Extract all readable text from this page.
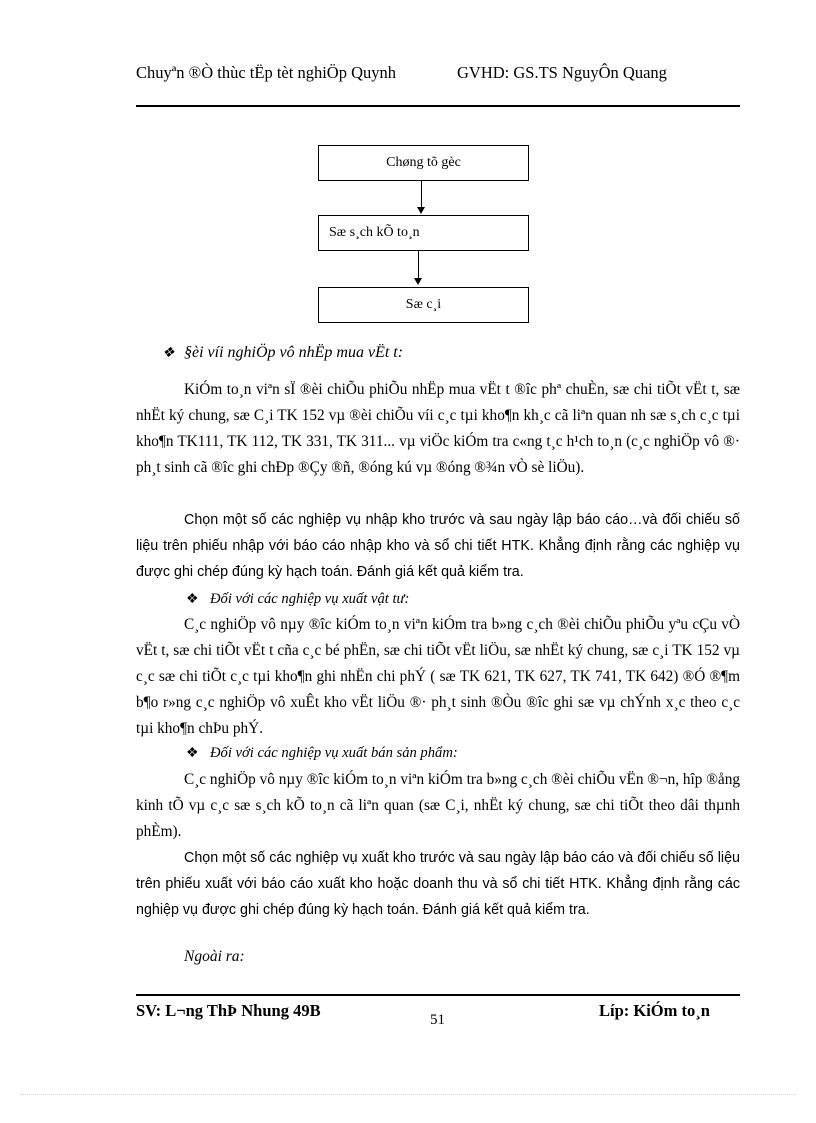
Chuyªn ®Ò thùc tËp tèt nghiÖp Quynh	GVHD: GS.TS NguyÔn Quang
Chøng tõ gèc
Sæ s¸ch kÕ to¸n
Sæ c¸i
❖ §èi víi nghiÖp vô nhËp mua vËt t:
KiÓm to¸n viªn sÏ ®èi chiÕu phiÕu nhËp mua vËt t ®îc phª chuÈn, sæ chi tiÕt vËt t, sæ nhËt ký chung, sæ C¸i TK 152 vµ ®èi chiÕu víi c¸c tµi kho¶n kh¸c cã liªn quan nh sæ s¸ch c¸c tµi kho¶n TK111, TK 112, TK 331, TK 311... vµ viÖc kiÓm tra c«ng t¸c h¹ch to¸n (c¸c nghiÖp vô ®· ph¸t sinh cã ®îc ghi chÐp ®Çy ®ñ, ®óng kú vµ ®óng ®¾n vÒ sè liÖu).
Chọn một số các nghiệp vụ nhập kho trước và sau ngày lập báo cáo…và đối chiếu số liệu trên phiếu nhập với báo cáo nhập kho và sổ chi tiết HTK. Khẳng định rằng các nghiệp vụ được ghi chép đúng kỳ hạch toán. Đánh giá kết quả kiểm tra.
❖ Đối với các nghiệp vụ xuất vật tư:
C¸c nghiÖp vô nµy ®îc kiÓm to¸n viªn kiÓm tra b»ng c¸ch ®èi chiÕu phiÕu yªu cÇu vÒ vËt t, sæ chi tiÕt vËt t cña c¸c bé phËn, sæ chi tiÕt vËt liÖu, sæ nhËt ký chung, sæ c¸i TK 152 vµ c¸c sæ chi tiÕt c¸c tµi kho¶n ghi nhËn chi phÝ ( sæ TK 621, TK 627, TK 741, TK 642) ®Ó ®¶m b¶o r»ng c¸c nghiÖp vô xuÊt kho vËt liÖu ®· ph¸t sinh ®Òu ®îc ghi sæ vµ chÝnh x¸c theo c¸c tµi kho¶n chÞu phÝ.
❖ Đối với các nghiệp vụ xuất bán sản phẩm:
C¸c nghiÖp vô nµy ®îc kiÓm to¸n viªn kiÓm tra b»ng c¸ch ®èi chiÕu vËn ®¬n, hîp ®ång kinh tÕ vµ c¸c sæ s¸ch kÕ to¸n cã liªn quan (sæ C¸i, nhËt ký chung, sæ chi tiÕt theo dâi thµnh phÈm).
Chọn một số các nghiệp vụ xuất kho trước và sau ngày lập báo cáo và đối chiếu số liệu trên phiếu xuất với báo cáo xuất kho hoặc doanh thu và sổ chi tiết HTK. Khẳng định rằng các nghiệp vụ được ghi chép đúng kỳ hạch toán. Đánh giá kết quả kiểm tra.
Ngoài ra:
SV: L¬ng ThÞ Nhung 49B	51	Líp: KiÓm to¸n
